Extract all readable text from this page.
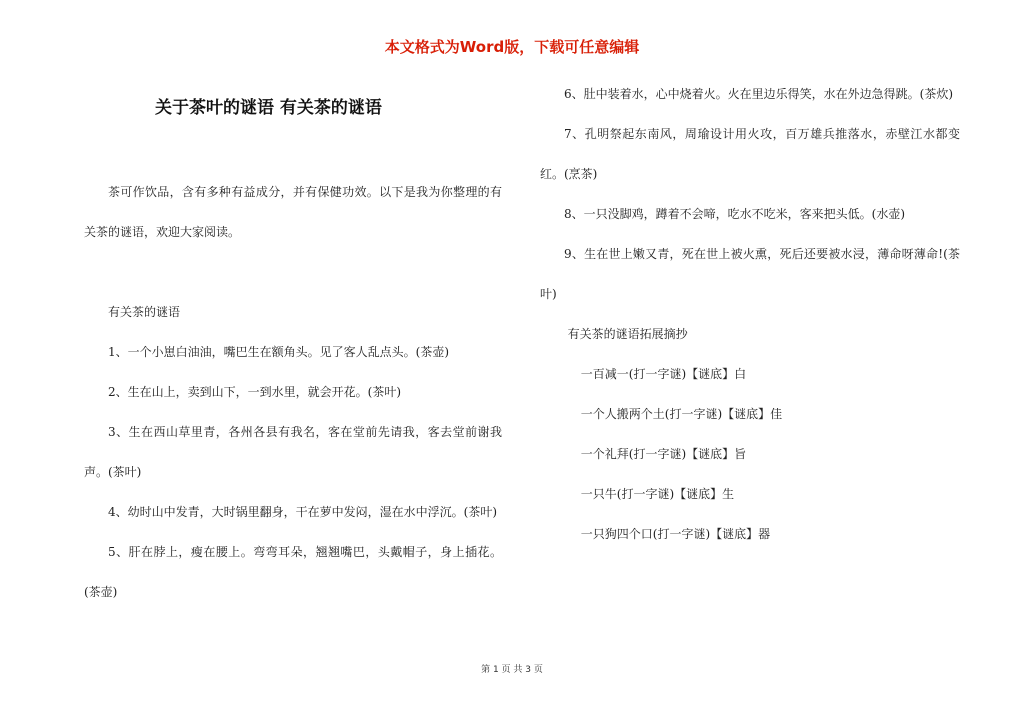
本文格式为Word版，下载可任意编辑
关于茶叶的谜语 有关茶的谜语

茶可作饮品，含有多种有益成分，并有保健功效。以下是我为你整理的有关茶的谜语，欢迎大家阅读。

有关茶的谜语

1、一个小崽白油油，嘴巴生在额角头。见了客人乱点头。(茶壶)

2、生在山上，卖到山下，一到水里，就会开花。(茶叶)

3、生在西山草里青，各州各县有我名，客在堂前先请我，客去堂前谢我声。(茶叶)

4、幼时山中发青，大时锅里翻身，干在萝中发闷，湿在水中浮沉。(茶叶)

5、肝在脖上，瘦在腰上。弯弯耳朵，翘翘嘴巴，头戴帽子，身上插花。(茶壶)

6、肚中装着水，心中烧着火。火在里边乐得笑，水在外边急得跳。(茶炊)

7、孔明祭起东南风，周瑜设计用火攻，百万雄兵推落水，赤壁江水都变红。(烹茶)

8、一只没脚鸡，蹲着不会啼，吃水不吃米，客来把头低。(水壶)

9、生在世上嫩又青，死在世上被火熏，死后还要被水浸，薄命呀薄命!(茶叶)

有关茶的谜语拓展摘抄

一百减一(打一字谜)【谜底】白

一个人搬两个土(打一字谜)【谜底】佳

一个礼拜(打一字谜)【谜底】旨

一只牛(打一字谜)【谜底】生

一只狗四个口(打一字谜)【谜底】器

第 1 页 共 3 页
